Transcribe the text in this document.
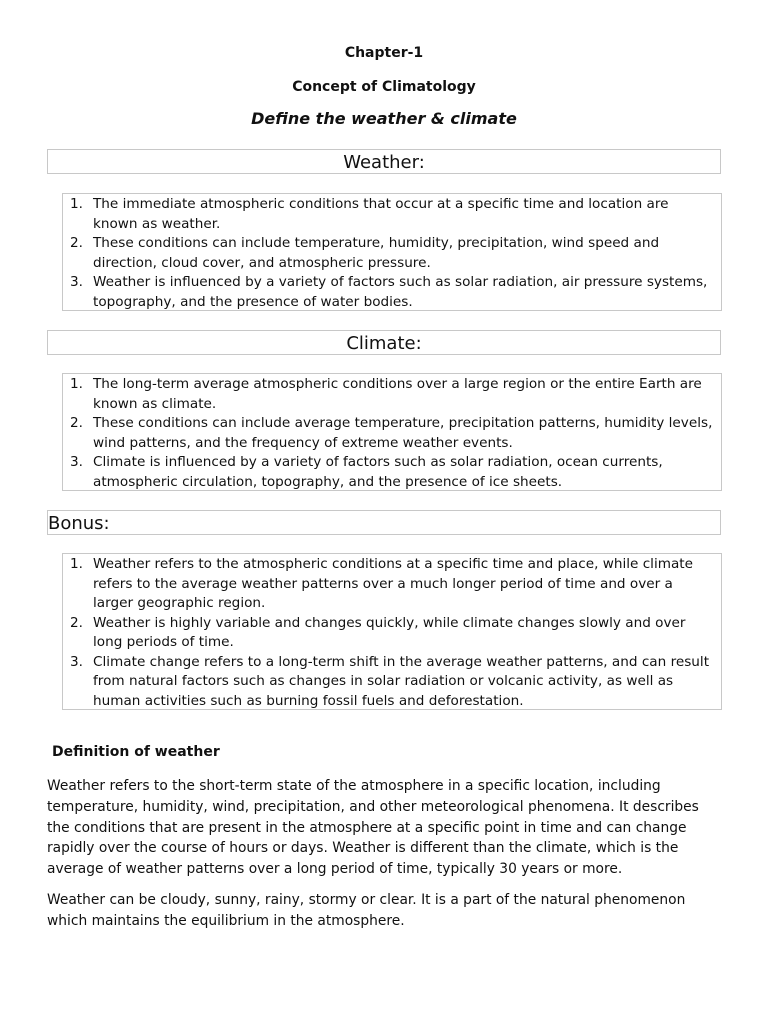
Chapter-1
Concept of Climatology
Define the weather & climate
Weather:
1. The immediate atmospheric conditions that occur at a specific time and location are known as weather.
2. These conditions can include temperature, humidity, precipitation, wind speed and direction, cloud cover, and atmospheric pressure.
3. Weather is influenced by a variety of factors such as solar radiation, air pressure systems, topography, and the presence of water bodies.
Climate:
1. The long-term average atmospheric conditions over a large region or the entire Earth are known as climate.
2. These conditions can include average temperature, precipitation patterns, humidity levels, wind patterns, and the frequency of extreme weather events.
3. Climate is influenced by a variety of factors such as solar radiation, ocean currents, atmospheric circulation, topography, and the presence of ice sheets.
Bonus:
1. Weather refers to the atmospheric conditions at a specific time and place, while climate refers to the average weather patterns over a much longer period of time and over a larger geographic region.
2. Weather is highly variable and changes quickly, while climate changes slowly and over long periods of time.
3. Climate change refers to a long-term shift in the average weather patterns, and can result from natural factors such as changes in solar radiation or volcanic activity, as well as human activities such as burning fossil fuels and deforestation.
Definition of weather

Weather refers to the short-term state of the atmosphere in a specific location, including temperature, humidity, wind, precipitation, and other meteorological phenomena. It describes the conditions that are present in the atmosphere at a specific point in time and can change rapidly over the course of hours or days. Weather is different than the climate, which is the average of weather patterns over a long period of time, typically 30 years or more.

Weather can be cloudy, sunny, rainy, stormy or clear. It is a part of the natural phenomenon which maintains the equilibrium in the atmosphere.
